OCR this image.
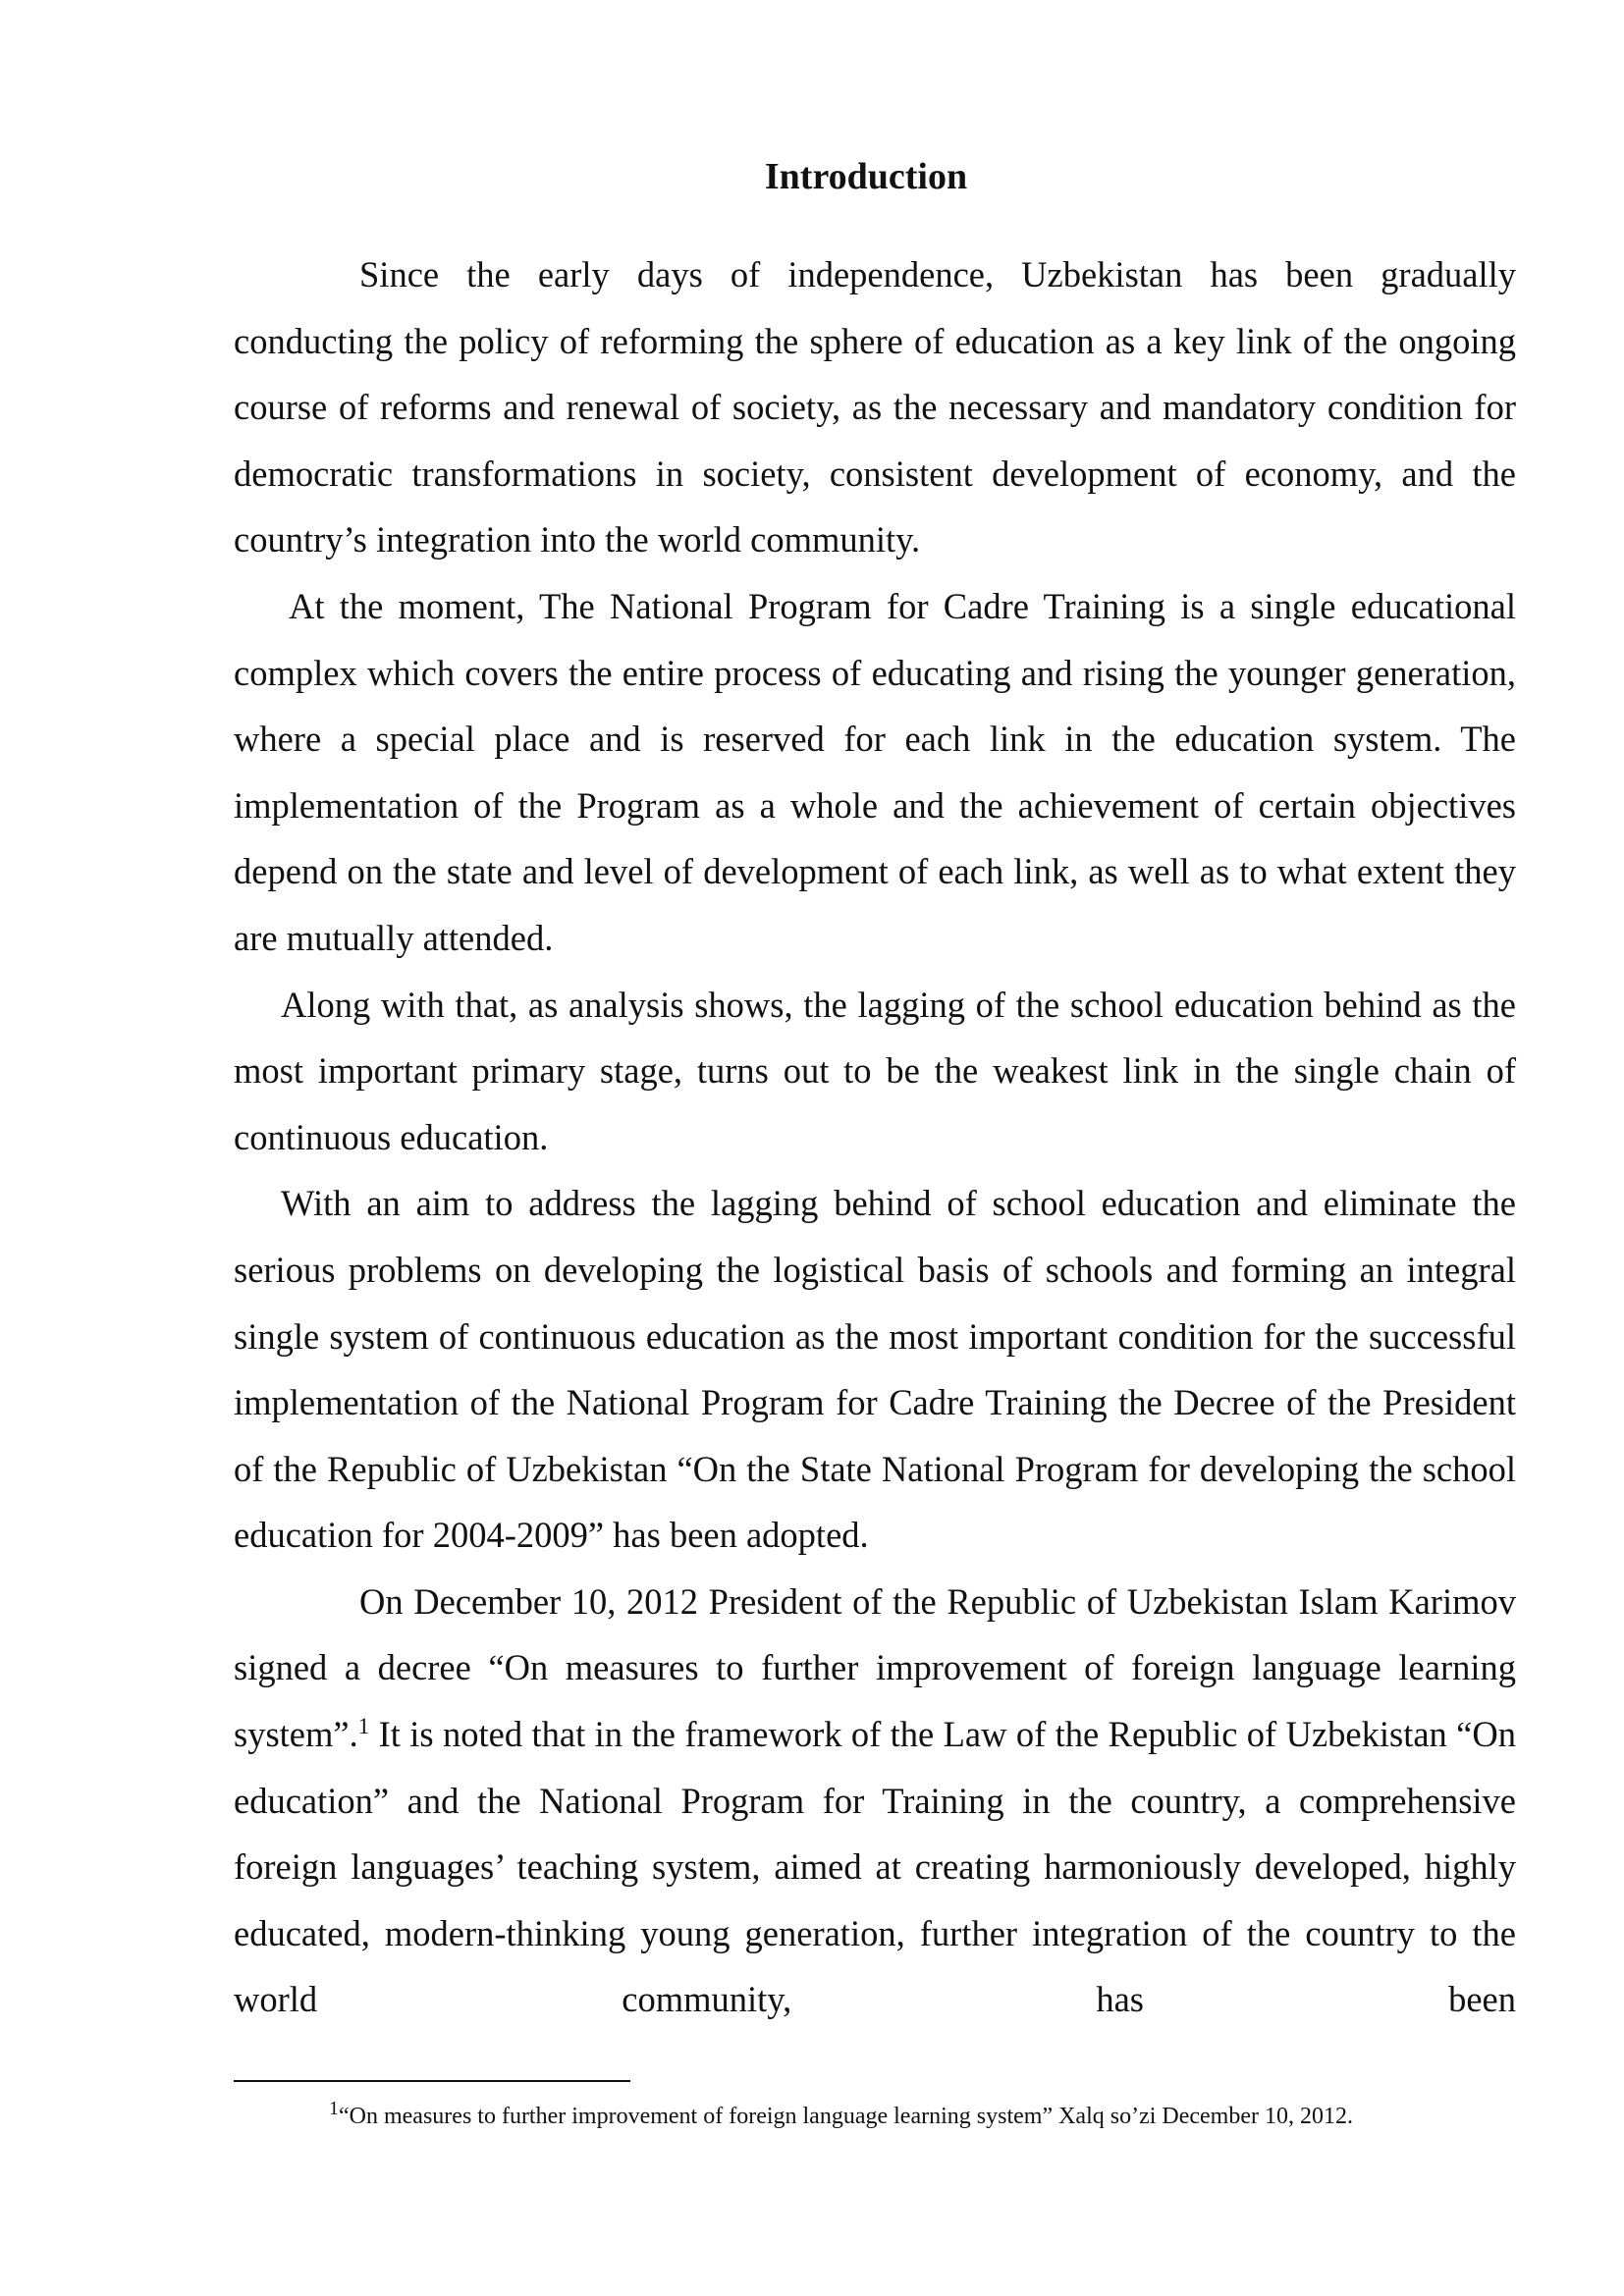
Introduction

Since the early days of independence, Uzbekistan has been gradually conducting the policy of reforming the sphere of education as a key link of the ongoing course of reforms and renewal of society, as the necessary and mandatory condition for democratic transformations in society, consistent development of economy, and the country’s integration into the world community.

At the moment, The National Program for Cadre Training is a single educational complex which covers the entire process of educating and rising the younger generation, where a special place and is reserved for each link in the education system. The implementation of the Program as a whole and the achievement of certain objectives depend on the state and level of development of each link, as well as to what extent they are mutually attended.

Along with that, as analysis shows, the lagging of the school education behind as the most important primary stage, turns out to be the weakest link in the single chain of continuous education.

With an aim to address the lagging behind of school education and eliminate the serious problems on developing the logistical basis of schools and forming an integral single system of continuous education as the most important condition for the successful implementation of the National Program for Cadre Training the Decree of the President of the Republic of Uzbekistan “On the State National Program for developing the school education for 2004-2009” has been adopted.

On December 10, 2012 President of the Republic of Uzbekistan Islam Karimov signed a decree “On measures to further improvement of foreign language learning system”.$^1$ It is noted that in the framework of the Law of the Republic of Uzbekistan “On education” and the National Program for Training in the country, a comprehensive foreign languages’ teaching system, aimed at creating harmoniously developed, highly educated, modern-thinking young generation, further integration of the country to the world community, has been

$^1$“On measures to further improvement of foreign language learning system” Xalq so’zi December 10, 2012.
